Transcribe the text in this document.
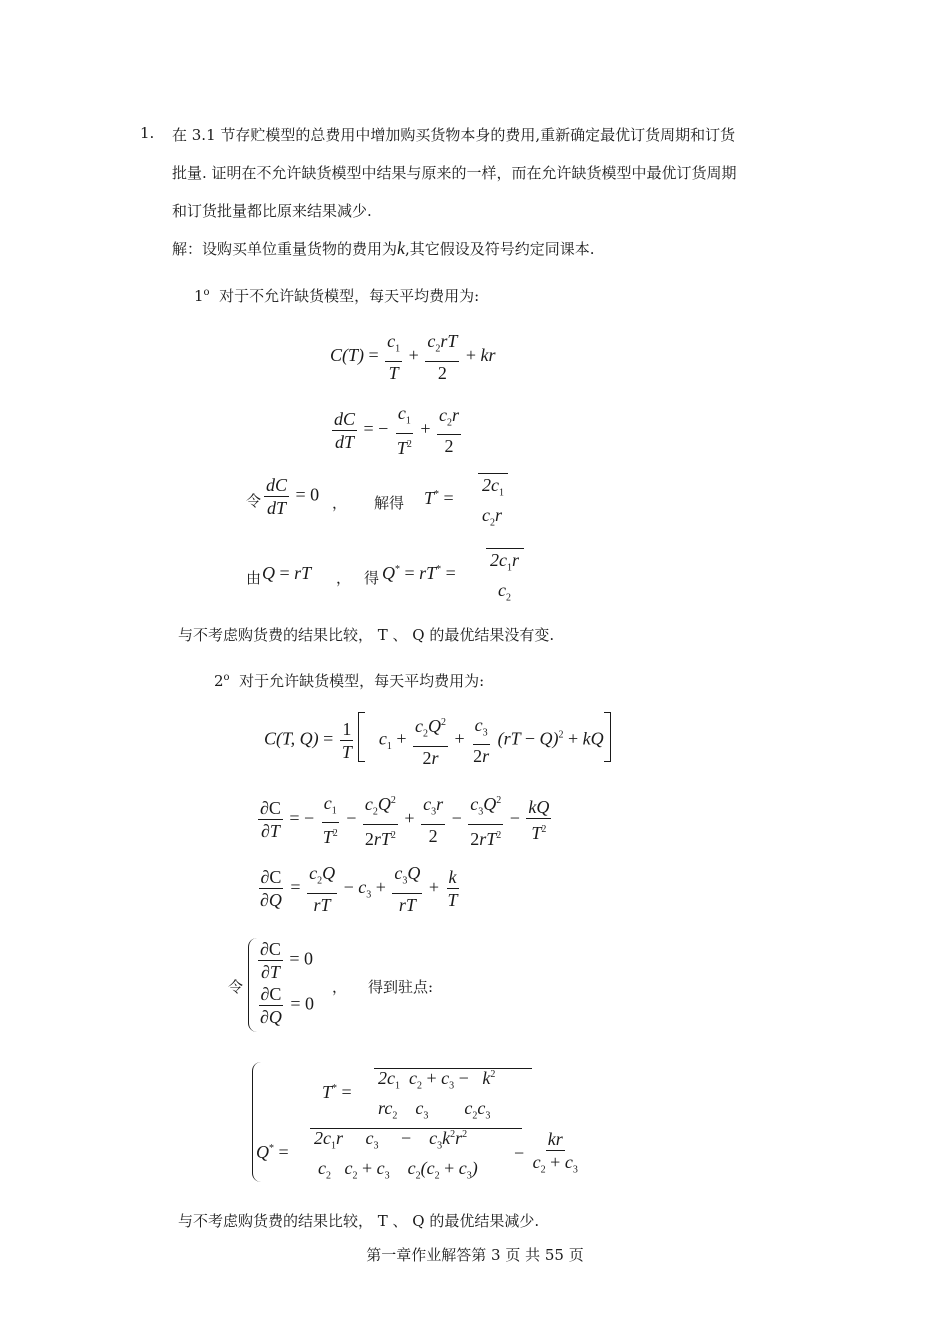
1. 在 3.1 节存贮模型的总费用中增加购买货物本身的费用,重新确定最优订货周期和订货
批量. 证明在不允许缺货模型中结果与原来的一样，而在允许缺货模型中最优订货周期
和订货批量都比原来结果减少.
解：设购买单位重量货物的费用为k,其它假设及符号约定同课本.
1$^o$ 对于不允许缺货模型，每天平均费用为:
$C(T) = \frac{c_1}{T} + \frac{c_2rT}{2}$ + kr
$\frac{dC}{dT}$ = − $\frac{c_1}{T^2} + \frac{c_2r}{2}$
令 $\frac{dC}{dT} = 0$ ， 解得 T* =
$2c_1$
$c_2r$
由 Q = rT ， 得 Q* = rT* =
$2c_1r$
$c_2$
与不考虑购货费的结果比较， T 、 Q 的最优结果没有变.
2$^o$ 对于允许缺货模型，每天平均费用为:
C(T, $Q) = \frac{1}{T} c_1 + \frac{c_2Q^2}{2r} + \frac{c_3}{2r} (rT - Q)^2$ + kQ
$\frac{\partial C}{\partial T}$ = − $\frac{c_1}{T^2} - \frac{c_2Q^2}{2rT^2} + \frac{c_3r}{2} - \frac{c_3Q^2}{2rT^2} - \frac{kQ}{T^2}$
$\frac{\partial C}{\partial Q} = \frac{c_2Q}{rT} - c_3 + \frac{c_3Q}{rT} + \frac{k}{T}$
令
$\frac{\partial C}{\partial T} = 0$
$\frac{\partial C}{\partial Q} = 0$
， 得到驻点:
T* =
$2c_1$  $c_2 + c_3 - k^2$
$rc_2$    $c_3$        $c_2c_3$
Q* =
$2c_1r$     $c_3$ −    $c_3k^2r^2$
$c_2$   $c_2 + c_3$    $c_2(c_2 + c_3)$
− $\frac{kr}{c_2 + c_3}$
与不考虑购货费的结果比较， T 、 Q 的最优结果减少.
第一章作业解答第 3 页 共 55 页
